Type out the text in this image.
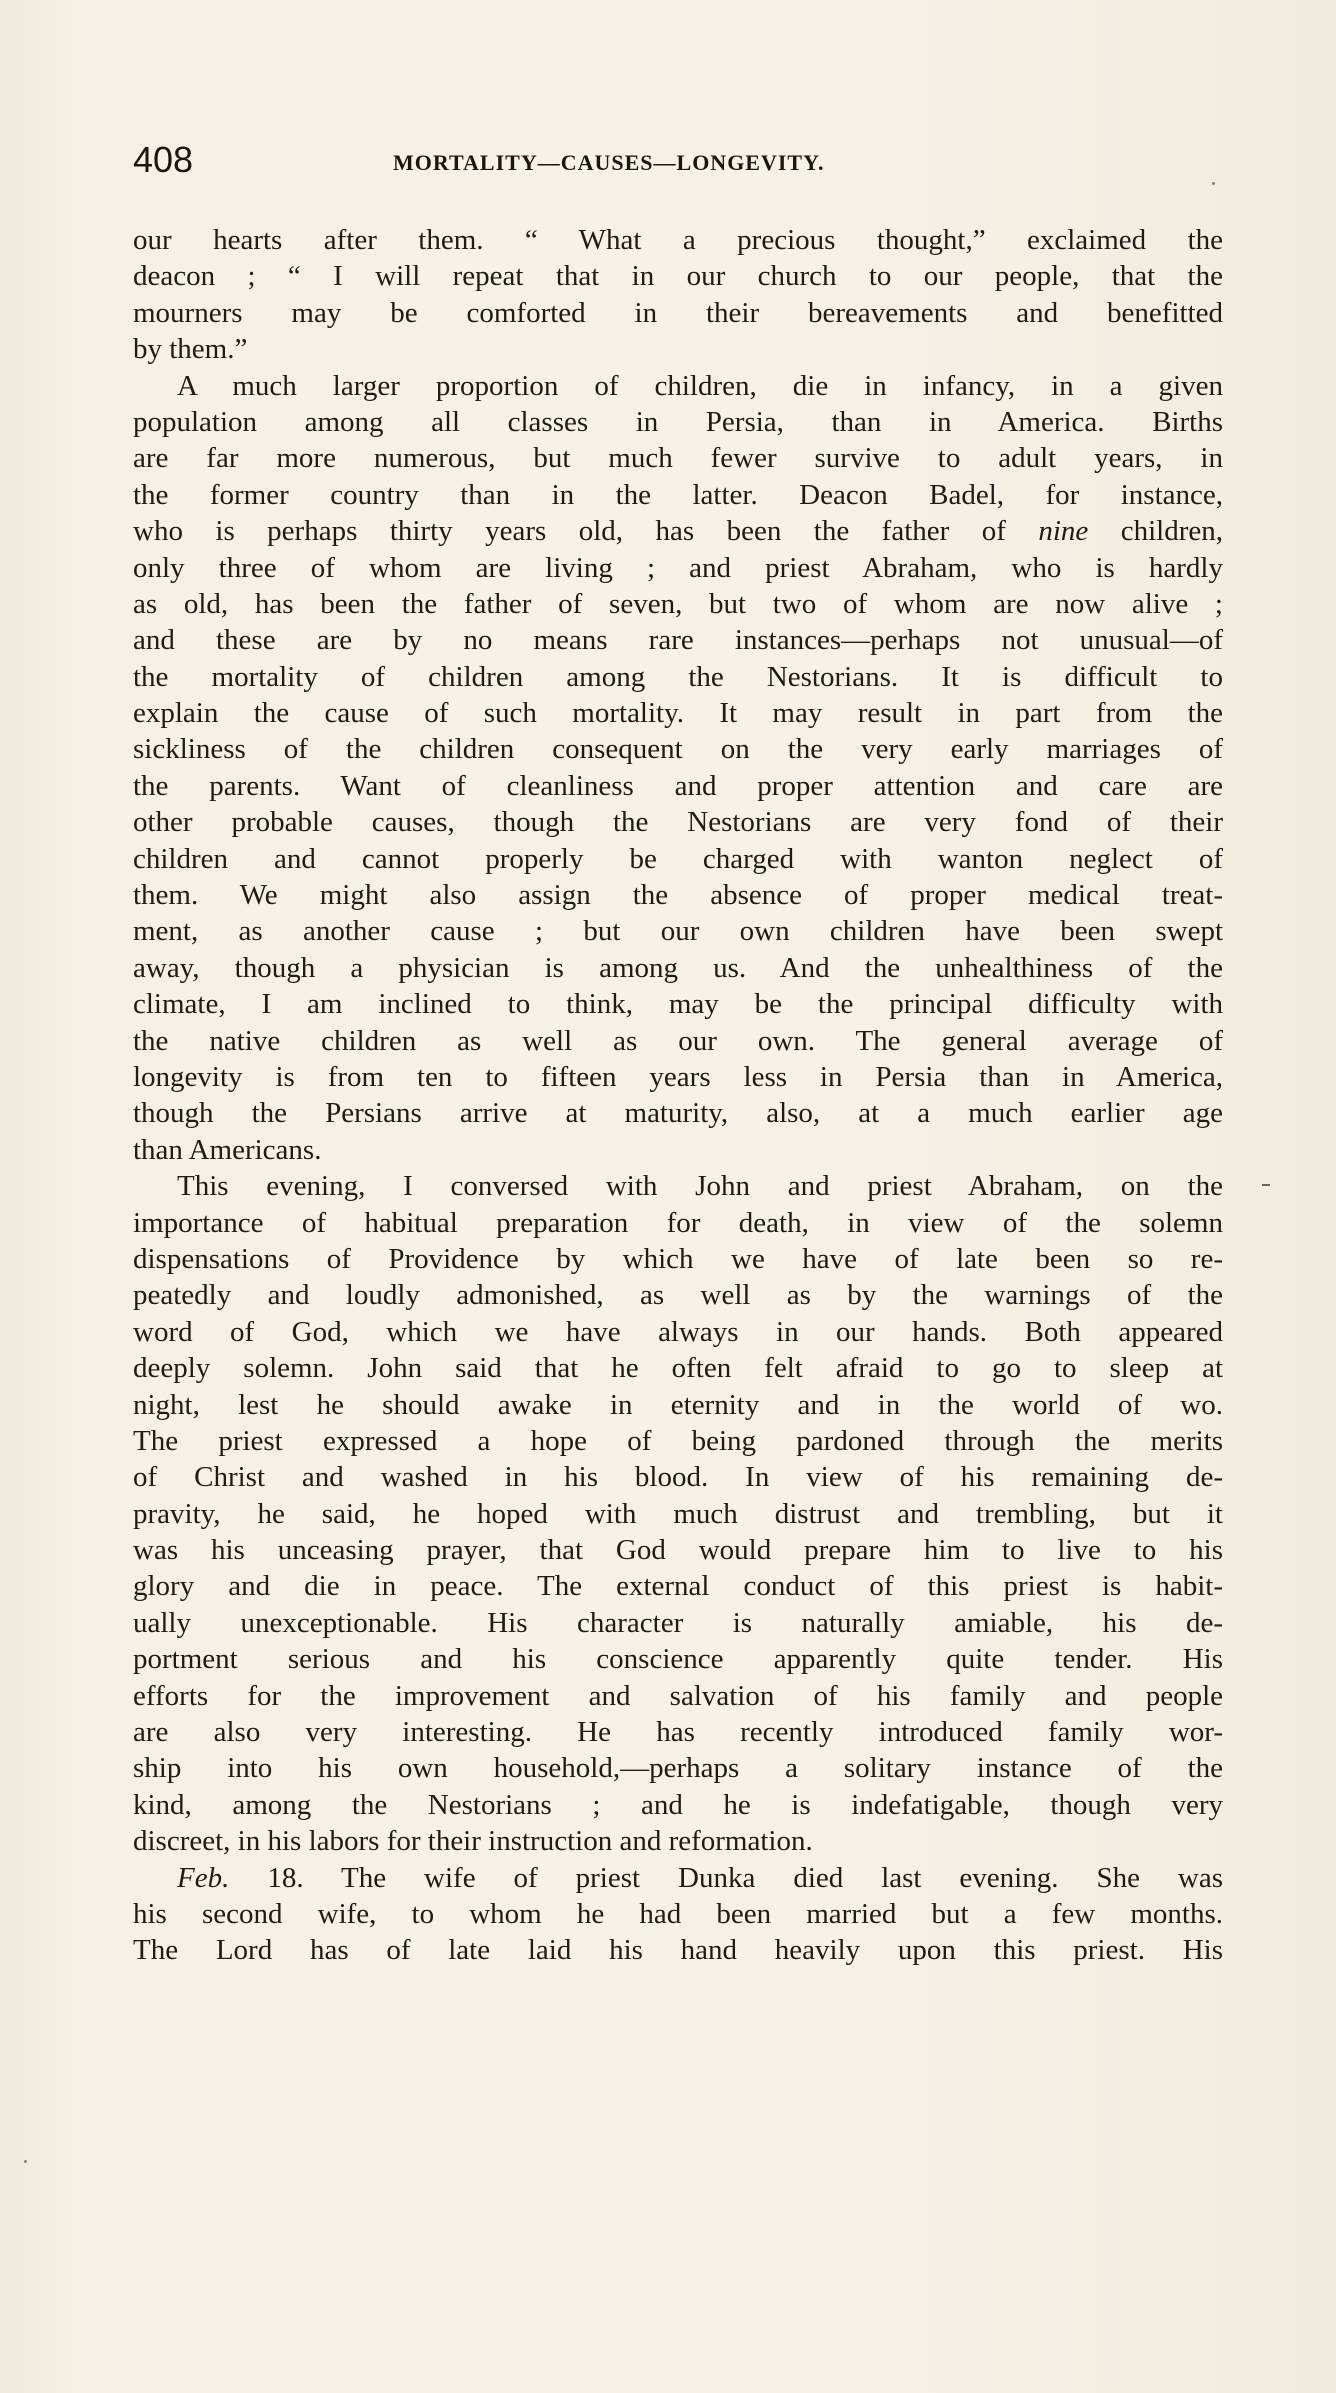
408	MORTALITY—CAUSES—LONGEVITY.
our hearts after them. “ What a precious thought,” exclaimed the
deacon ; “ I will repeat that in our church to our people, that the
mourners may be comforted in their bereavements and benefitted
by them.”
A much larger proportion of children, die in infancy, in a given
population among all classes in Persia, than in America. Births
are far more numerous, but much fewer survive to adult years, in
the former country than in the latter. Deacon Badel, for instance,
who is perhaps thirty years old, has been the father of nine children,
only three of whom are living ; and priest Abraham, who is hardly
as old, has been the father of seven, but two of whom are now alive ;
and these are by no means rare instances—perhaps not unusual—of
the mortality of children among the Nestorians. It is difficult to
explain the cause of such mortality. It may result in part from the
sickliness of the children consequent on the very early marriages of
the parents. Want of cleanliness and proper attention and care are
other probable causes, though the Nestorians are very fond of their
children and cannot properly be charged with wanton neglect of
them. We might also assign the absence of proper medical treat-
ment, as another cause ; but our own children have been swept
away, though a physician is among us. And the unhealthiness of the
climate, I am inclined to think, may be the principal difficulty with
the native children as well as our own. The general average of
longevity is from ten to fifteen years less in Persia than in America,
though the Persians arrive at maturity, also, at a much earlier age
than Americans.
This evening, I conversed with John and priest Abraham, on the
importance of habitual preparation for death, in view of the solemn
dispensations of Providence by which we have of late been so re-
peatedly and loudly admonished, as well as by the warnings of the
word of God, which we have always in our hands. Both appeared
deeply solemn. John said that he often felt afraid to go to sleep at
night, lest he should awake in eternity and in the world of wo.
The priest expressed a hope of being pardoned through the merits
of Christ and washed in his blood. In view of his remaining de-
pravity, he said, he hoped with much distrust and trembling, but it
was his unceasing prayer, that God would prepare him to live to his
glory and die in peace. The external conduct of this priest is habit-
ually unexceptionable. His character is naturally amiable, his de-
portment serious and his conscience apparently quite tender. His
efforts for the improvement and salvation of his family and people
are also very interesting. He has recently introduced family wor-
ship into his own household,—perhaps a solitary instance of the
kind, among the Nestorians ; and he is indefatigable, though very
discreet, in his labors for their instruction and reformation.
Feb. 18. The wife of priest Dunka died last evening. She was
his second wife, to whom he had been married but a few months.
The Lord has of late laid his hand heavily upon this priest. His
